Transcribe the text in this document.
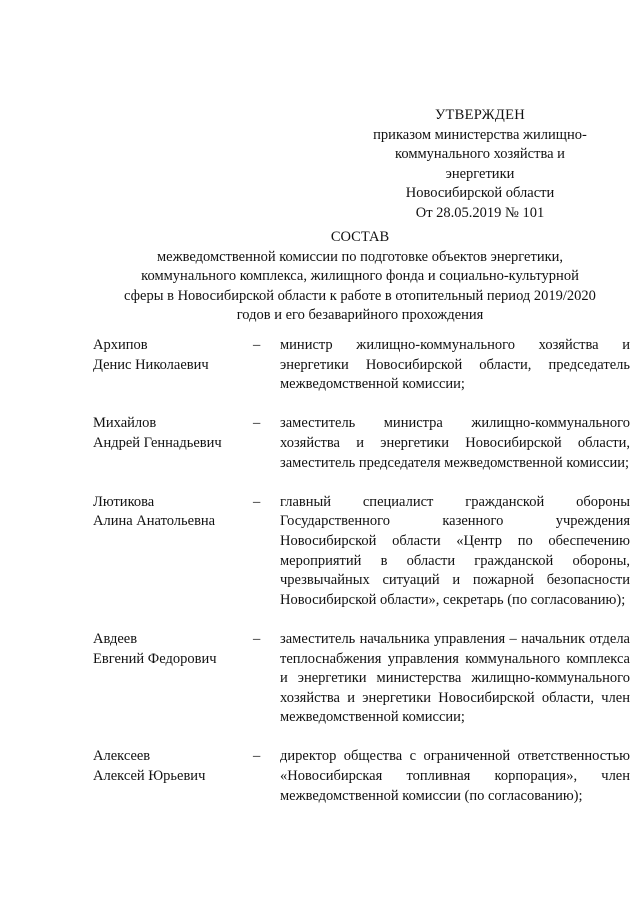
УТВЕРЖДЕН
приказом министерства жилищно-
коммунального хозяйства и
энергетики
Новосибирской области
От 28.05.2019 № 101
СОСТАВ
межведомственной комиссии по подготовке объектов энергетики,
коммунального комплекса, жилищного фонда и социально-культурной
сферы в Новосибирской области к работе в отопительный период 2019/2020
годов и его безаварийного прохождения
Архипов
Денис Николаевич
–	министр жилищно-коммунального хозяйства и энергетики Новосибирской области, председатель межведомственной комиссии;
Михайлов
Андрей Геннадьевич
–	заместитель министра жилищно-коммунального хозяйства и энергетики Новосибирской области, заместитель председателя межведомственной комиссии;
Лютикова
Алина Анатольевна
–	главный специалист гражданской обороны Государственного казенного учреждения Новосибирской области «Центр по обеспечению мероприятий в области гражданской обороны, чрезвычайных ситуаций и пожарной безопасности Новосибирской области», секретарь (по согласованию);
Авдеев
Евгений Федорович
–	заместитель начальника управления – начальник отдела теплоснабжения управления коммунального комплекса и энергетики министерства жилищно-коммунального хозяйства и энергетики Новосибирской области, член межведомственной комиссии;
Алексеев
Алексей Юрьевич
–	директор общества с ограниченной ответственностью «Новосибирская топливная корпорация», член межведомственной комиссии (по согласованию);
